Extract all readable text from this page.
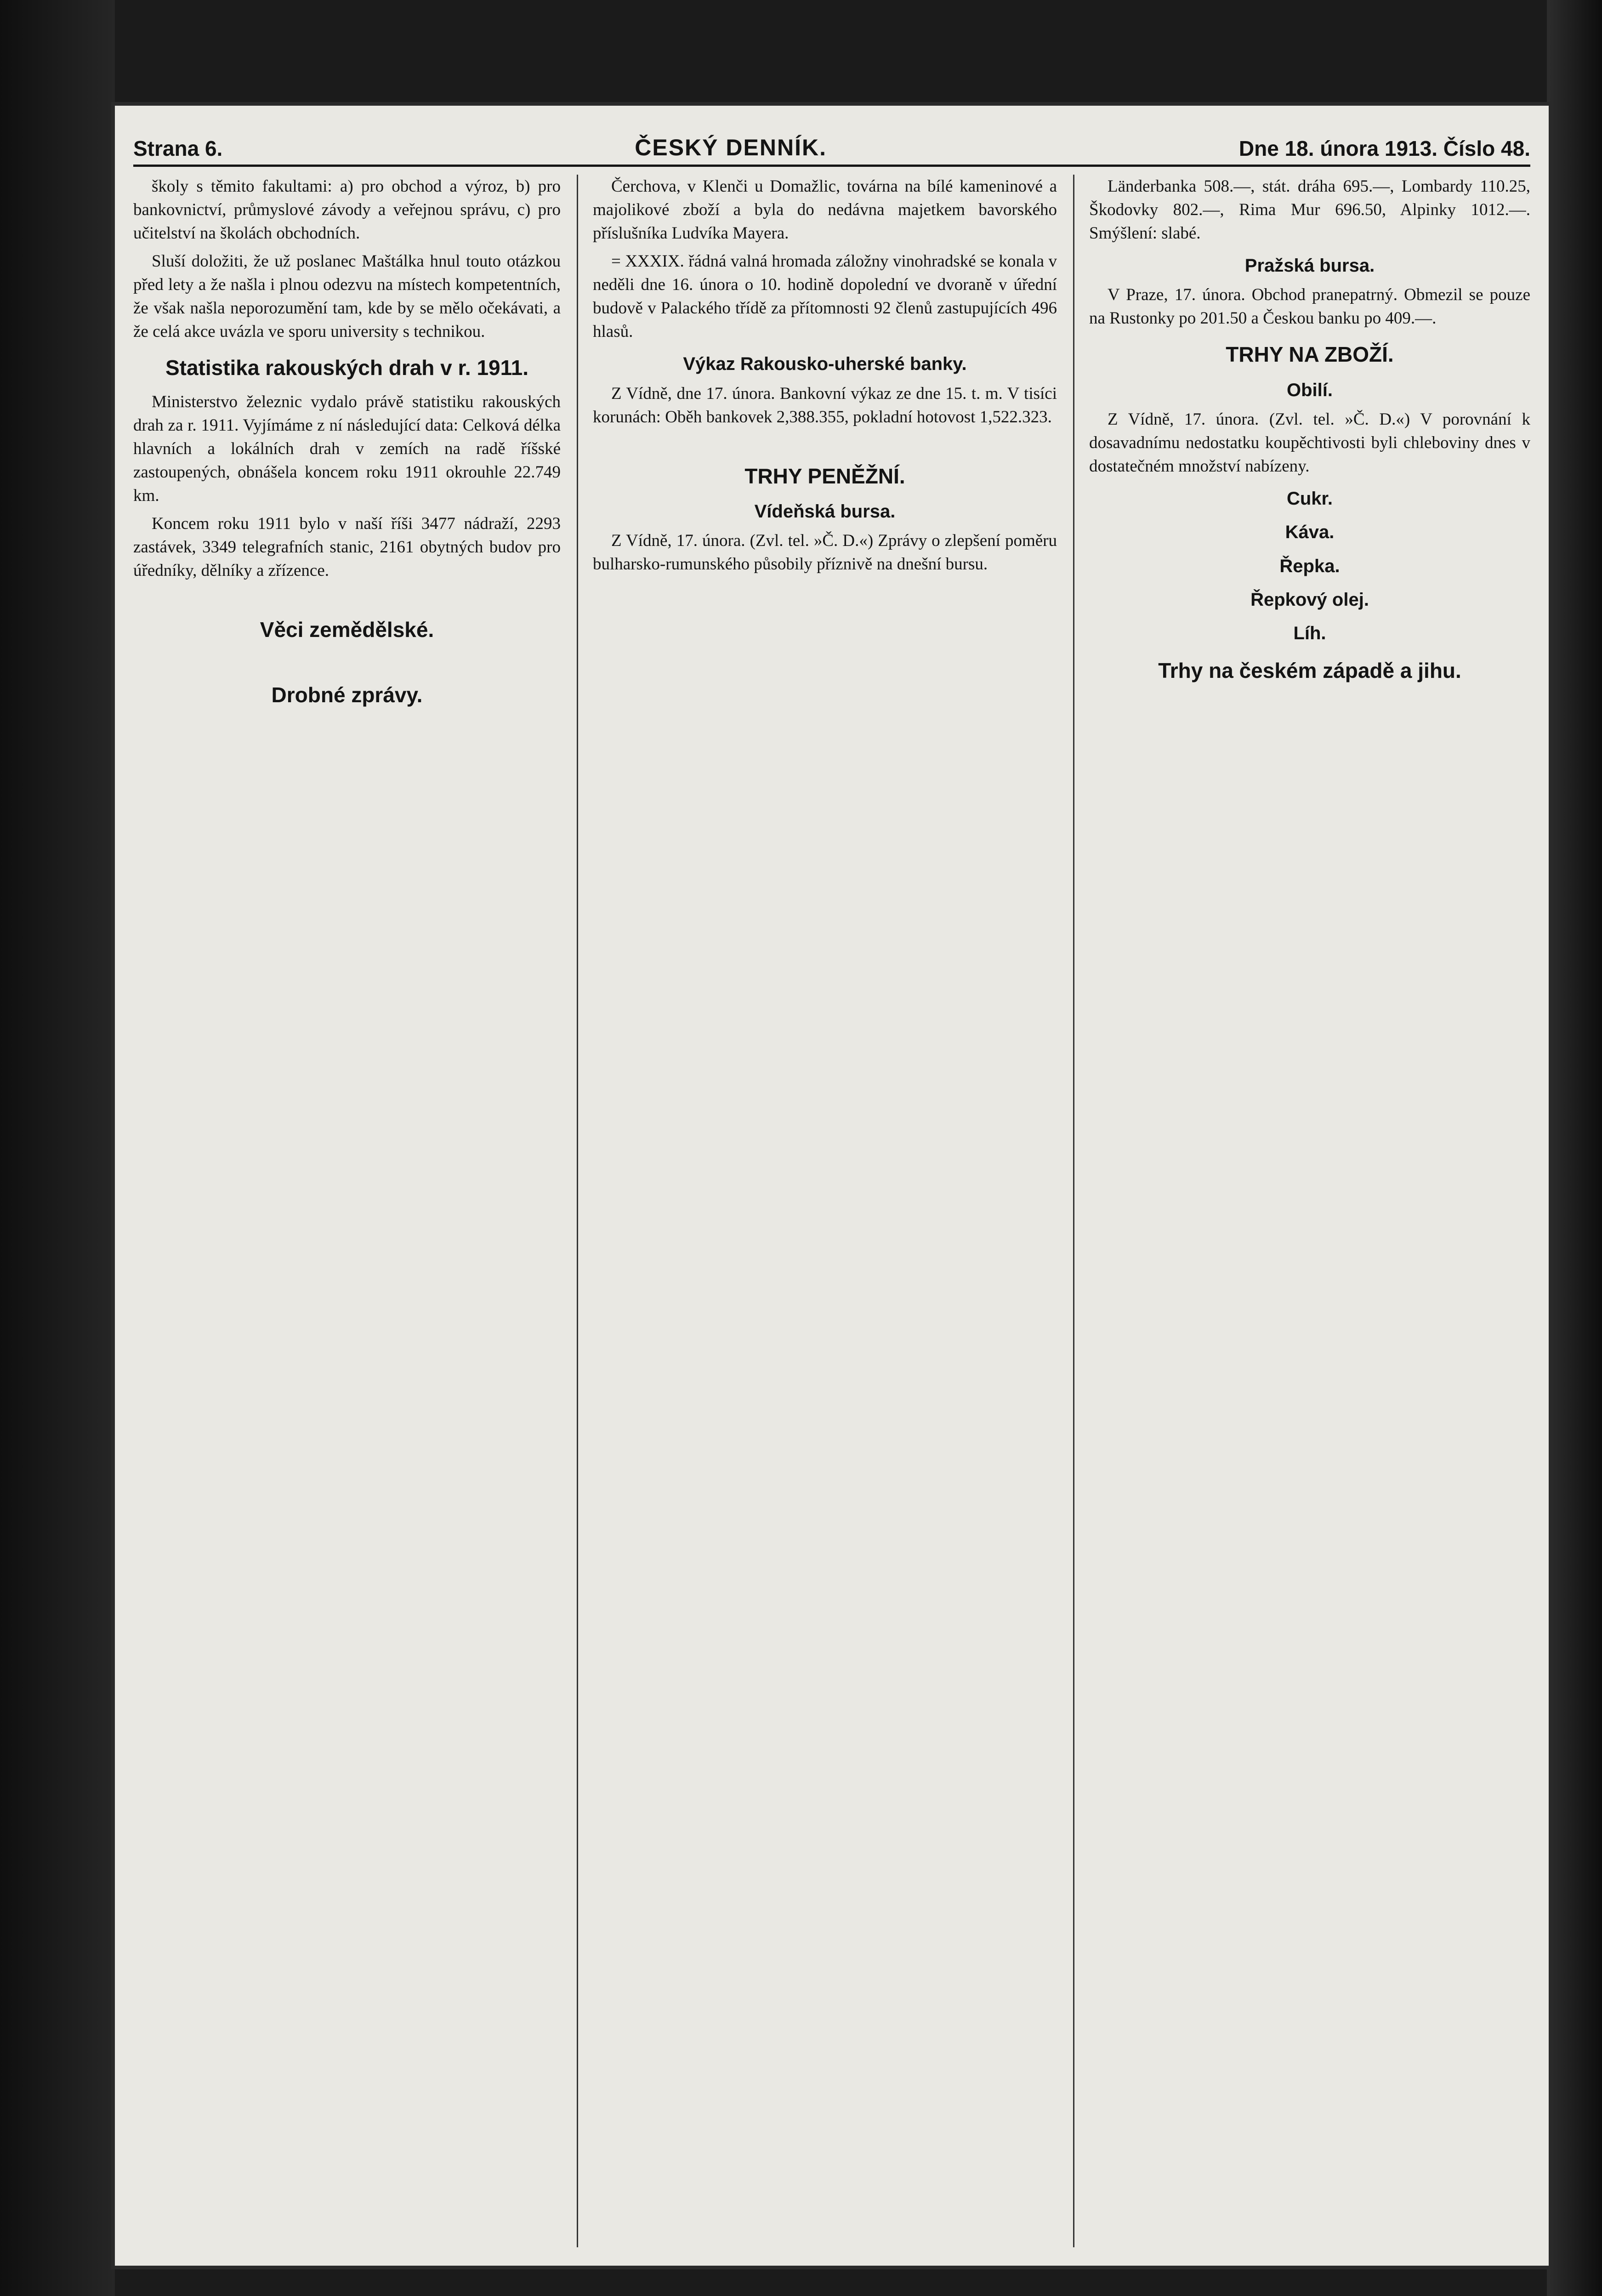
Strana 6.	ČESKÝ DENNÍK.	Dne 18. února 1913. Číslo 48.

školy s těmito fakultami: a) pro obchod a výroz, b) pro bankovnictví, průmyslové závody a veřejnou správu, c) pro učitelství na školách obchodních.

Sluší doložiti, že už poslanec Maštálka hnul touto otázkou před lety a že našla i plnou odezvu na místech kompetentních, že však našla neporozumění tam, kde by se mělo očekávati, a že celá akce uvázla ve sporu university s technikou.

Statistika rakouských drah v r. 1911.

Ministerstvo železnic vydalo právě statistiku rakouských drah za r. 1911. Vyjímáme z ní následující data: Celková délka hlavních a lokálních drah v zemích na radě říšské zastoupených, obnášela koncem roku 1911 okrouhle 22.749 km.

Koncem roku 1911 bylo v naší říši 3477 nádraží, 2293 zastávek, 3349 telegrafních stanic, 2161 obytných budov pro úředníky, dělníky a zřízence.

Věci zemědělské.
Drobné zprávy.

Čerchova, v Klenči u Domažlic, továrna na bílé kameninové a majolikové zboží a byla do nedávna majetkem bavorského příslušníka Ludvíka Mayera.

= XXXIX. řádná valná hromada záložny vinohradské se konala v neděli dne 16. února o 10. hodině dopolední ve dvoraně v úřední budově v Palackého třídě za přítomnosti 92 členů zastupujících 496 hlasů.

Výkaz Rakousko-uherské banky.

Z Vídně, dne 17. února. Bankovní výkaz ze dne 15. t. m. V tisíci korunách: Oběh bankovek 2,388.355, pokladní hotovost 1,522.323.

TRHY PENĚŽNÍ.
Vídeňská bursa.

Z Vídně, 17. února. (Zvl. tel. »Č. D.«) Zprávy o zlepšení poměru bulharsko-rumunského působily příznivě na dnešní bursu.

Länderbanka 508.—, stát. dráha 695.—, Lombardy 110.25, Škodovky 802.—, Rima Mur 696.50, Alpinky 1012.—. Smýšlení: slabé.

Pražská bursa.

V Praze, 17. února. Obchod pranepatrný. Obmezil se pouze na Rustonky po 201.50 a Českou banku po 409.—.

TRHY NA ZBOŽÍ.
Obilí.

Z Vídně, 17. února. (Zvl. tel. »Č. D.«) V porovnání k dosavadnímu nedostatku koupěchtivosti byli chleboviny dnes v dostatečném množství nabízeny.

Cukr.
Káva.
Řepka.
Řepkový olej.
Líh.
Trhy na českém západě a jihu.
